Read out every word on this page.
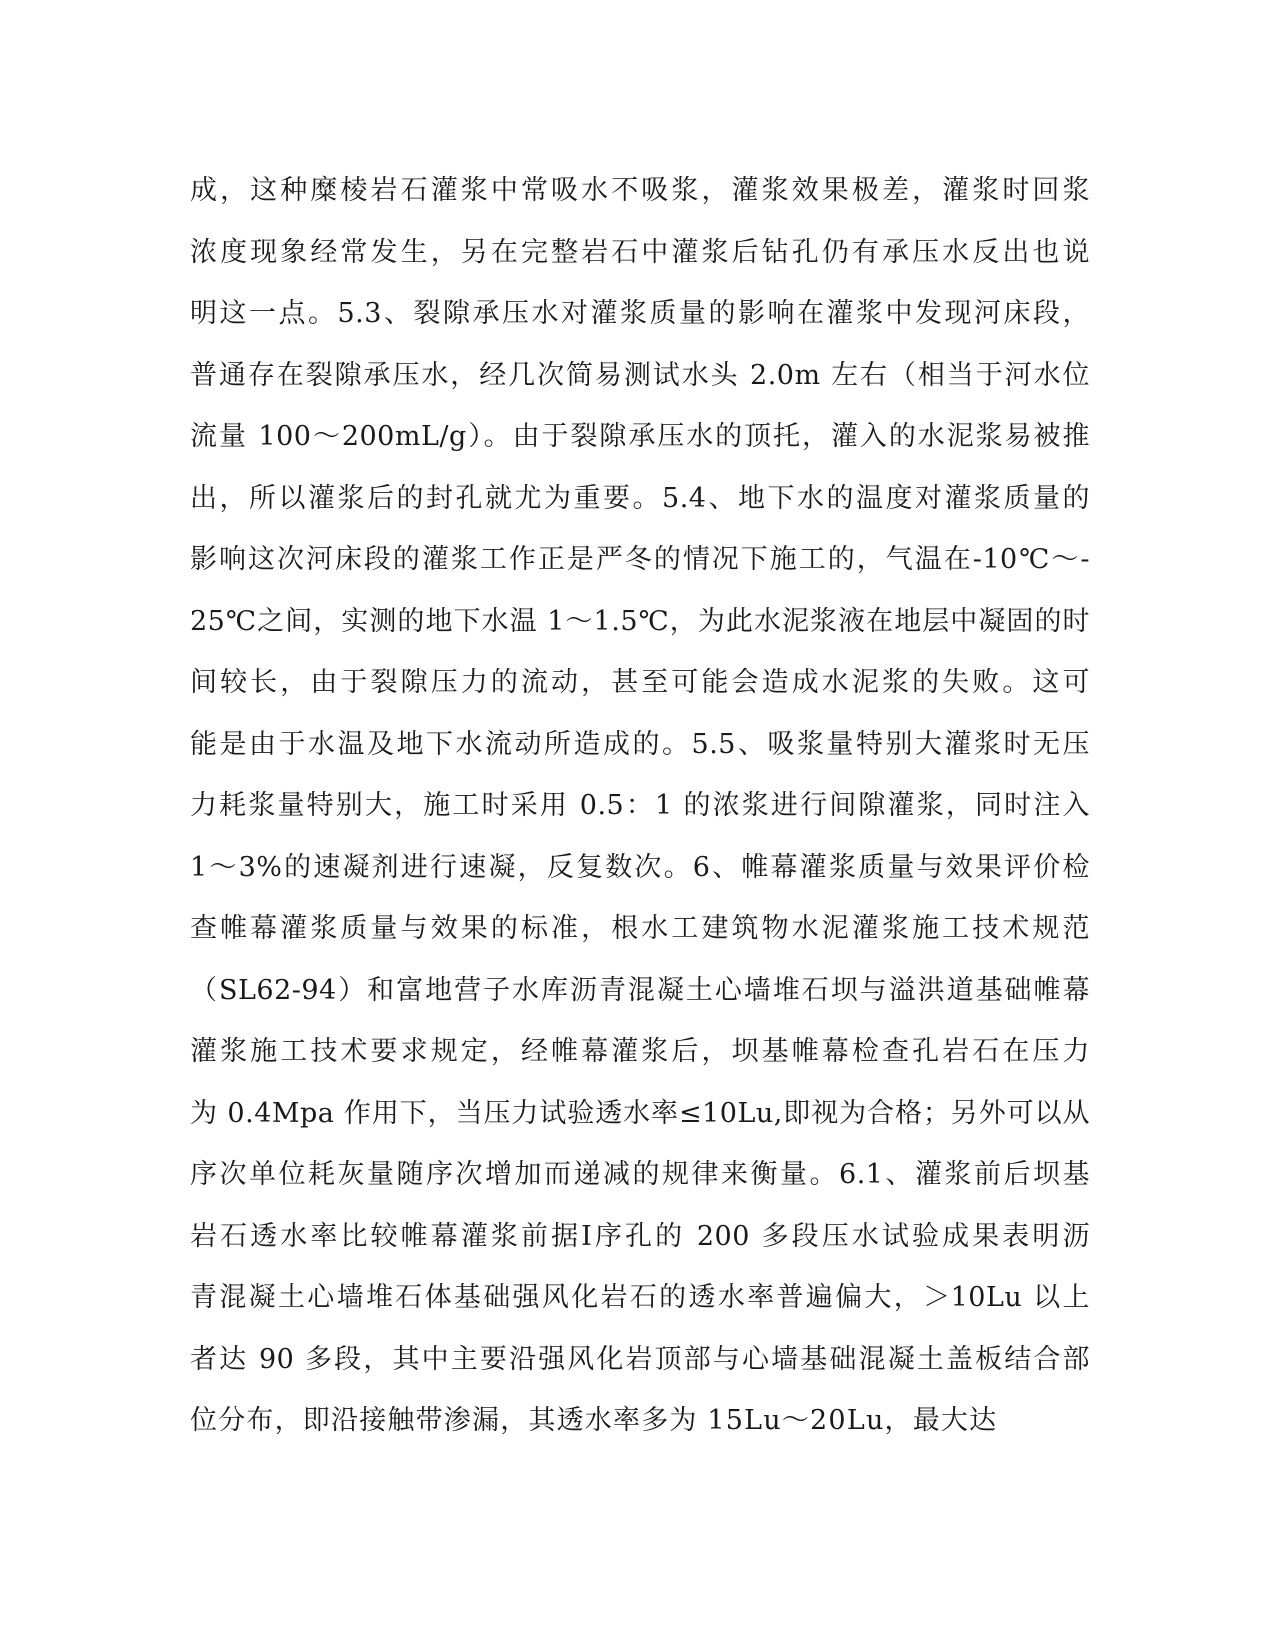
成，这种糜棱岩石灌浆中常吸水不吸浆，灌浆效果极差，灌浆时回浆
浓度现象经常发生，另在完整岩石中灌浆后钻孔仍有承压水反出也说
明这一点。5.3、裂隙承压水对灌浆质量的影响在灌浆中发现河床段，
普通存在裂隙承压水，经几次简易测试水头 2.0m 左右（相当于河水位
流量 100～200mL/g）。由于裂隙承压水的顶托，灌入的水泥浆易被推
出，所以灌浆后的封孔就尤为重要。5.4、地下水的温度对灌浆质量的
影响这次河床段的灌浆工作正是严冬的情况下施工的，气温在-10℃～-
25℃之间，实测的地下水温 1～1.5℃，为此水泥浆液在地层中凝固的时
间较长，由于裂隙压力的流动，甚至可能会造成水泥浆的失败。这可
能是由于水温及地下水流动所造成的。5.5、吸浆量特别大灌浆时无压
力耗浆量特别大，施工时采用 0.5：1 的浓浆进行间隙灌浆，同时注入
1～3%的速凝剂进行速凝，反复数次。6、帷幕灌浆质量与效果评价检
查帷幕灌浆质量与效果的标准，根水工建筑物水泥灌浆施工技术规范
（SL62-94）和富地营子水库沥青混凝土心墙堆石坝与溢洪道基础帷幕
灌浆施工技术要求规定，经帷幕灌浆后，坝基帷幕检查孔岩石在压力
为 0.4Mpa 作用下，当压力试验透水率≤10Lu,即视为合格；另外可以从
序次单位耗灰量随序次增加而递减的规律来衡量。6.1、灌浆前后坝基
岩石透水率比较帷幕灌浆前据Ⅰ序孔的 200 多段压水试验成果表明沥
青混凝土心墙堆石体基础强风化岩石的透水率普遍偏大，＞10Lu 以上
者达 90 多段，其中主要沿强风化岩顶部与心墙基础混凝土盖板结合部
位分布，即沿接触带渗漏，其透水率多为 15Lu～20Lu，最大达
